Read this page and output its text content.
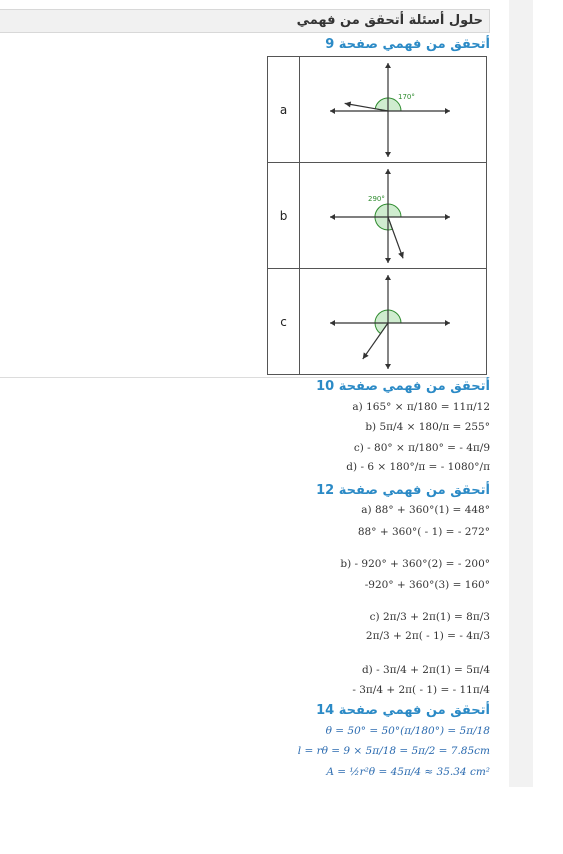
حلول أسئلة أتحقق من فهمي
أتحقق من فهمي صفحة 9
a	170°

b	290°

c	
أتحقق من فهمي صفحة 10
a) 165° × π/180 = 11π/12
b) 5π/4 × 180/π = 255°
c) - 80° × π/180° = - 4π/9
d) - 6 × 180°/π = - 1080°/π
أتحقق من فهمي صفحة 12
a) 88° + 360°(1) = 448°
88° + 360°( - 1) = - 272°
b) - 920° + 360°(2) = - 200°
-920° + 360°(3) = 160°
c) 2π/3 + 2π(1) = 8π/3
2π/3 + 2π( - 1) = - 4π/3
d) - 3π/4 + 2π(1) = 5π/4
- 3π/4 + 2π( - 1) = - 11π/4
أتحقق من فهمي صفحة 14
θ = 50° = 50°(π/180°) = 5π/18
l = rθ = 9 × 5π/18 = 5π/2 = 7.85cm
A = ½r²θ = 45π/4 ≈ 35.34 cm²
